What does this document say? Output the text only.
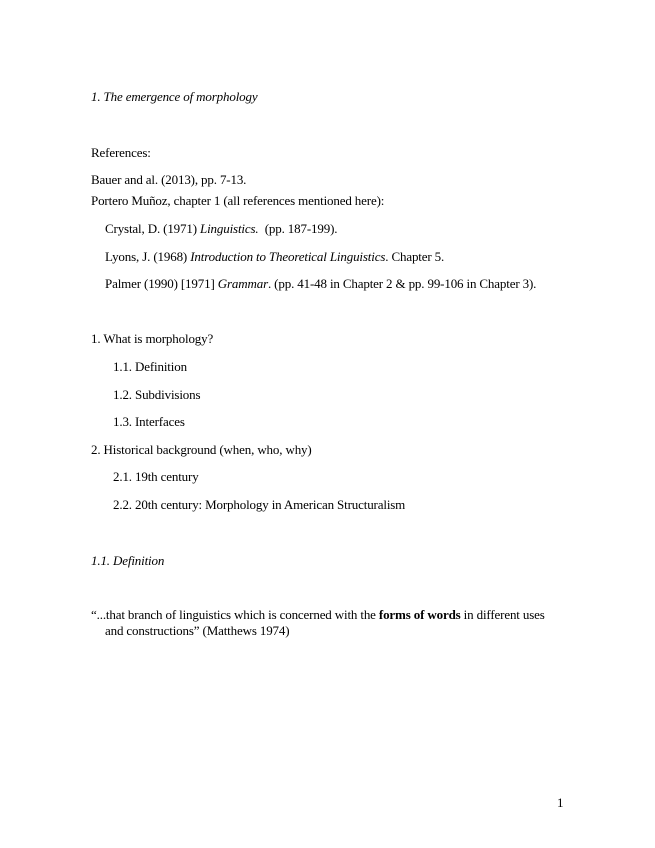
1. The emergence of morphology
References:
Bauer and al. (2013), pp. 7-13.
Portero Muñoz, chapter 1 (all references mentioned here):
Crystal, D. (1971) Linguistics.  (pp. 187-199).
Lyons, J. (1968) Introduction to Theoretical Linguistics. Chapter 5.
Palmer (1990) [1971] Grammar. (pp. 41-48 in Chapter 2 & pp. 99-106 in Chapter 3).
1. What is morphology?
1.1. Definition
1.2. Subdivisions
1.3. Interfaces
2. Historical background (when, who, why)
2.1. 19th century
2.2. 20th century: Morphology in American Structuralism
1.1. Definition
“...that branch of linguistics which is concerned with the forms of words in different uses
and constructions” (Matthews 1974)
1
